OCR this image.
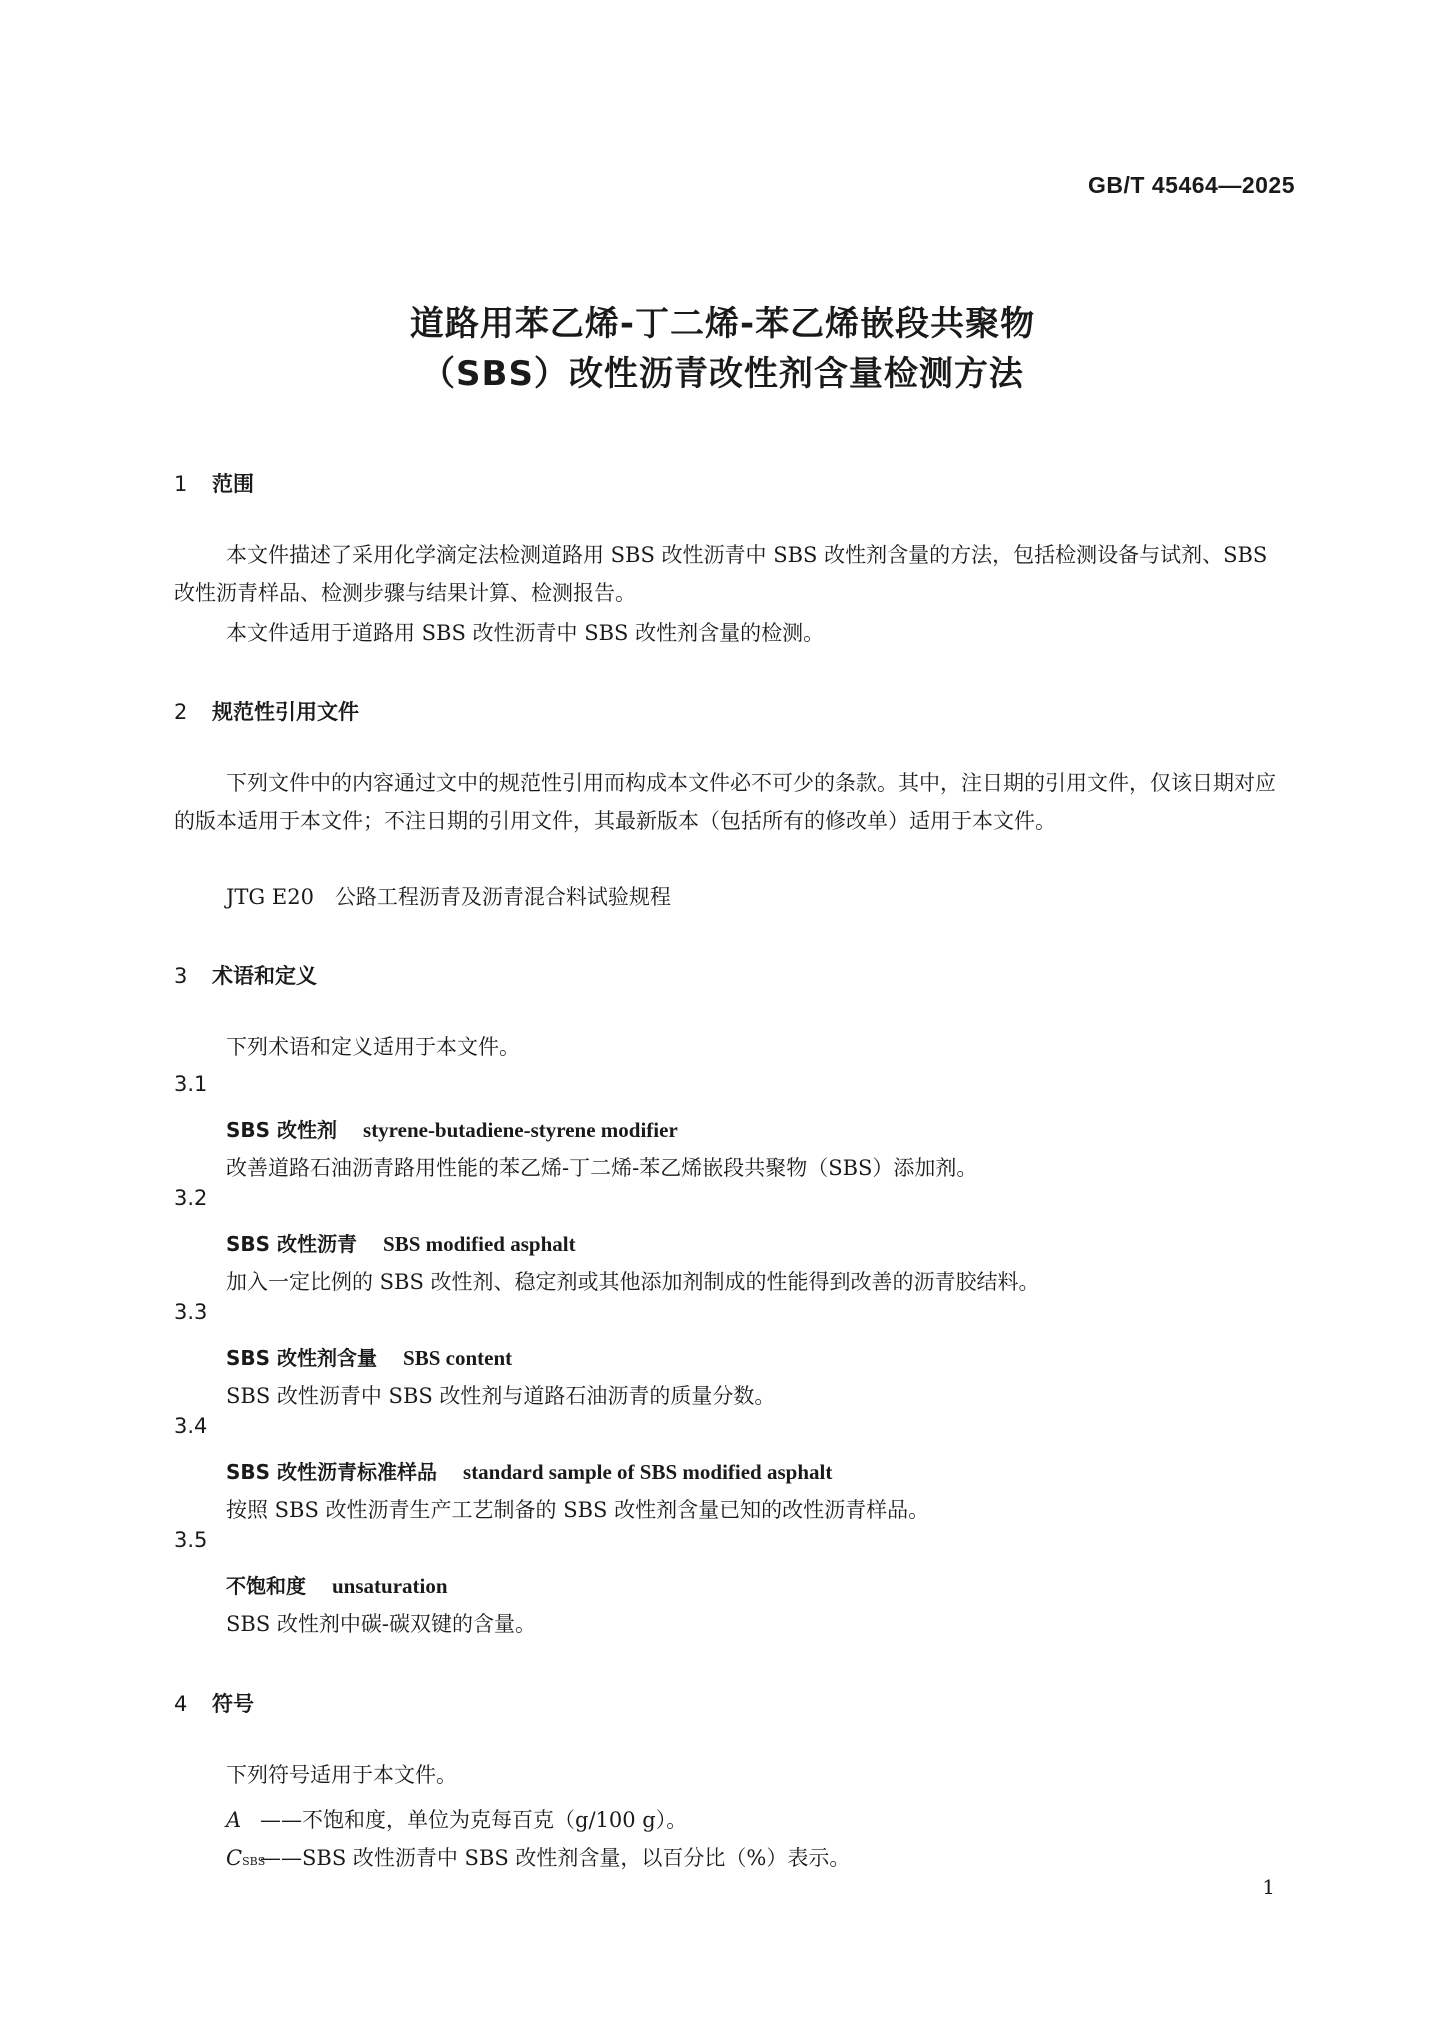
GB/T 45464—2025
道路用苯乙烯-丁二烯-苯乙烯嵌段共聚物
（SBS）改性沥青改性剂含量检测方法
1 范围
本文件描述了采用化学滴定法检测道路用 SBS 改性沥青中 SBS 改性剂含量的方法，包括检测设备与试剂、SBS 改性沥青样品、检测步骤与结果计算、检测报告。
本文件适用于道路用 SBS 改性沥青中 SBS 改性剂含量的检测。
2 规范性引用文件
下列文件中的内容通过文中的规范性引用而构成本文件必不可少的条款。其中，注日期的引用文件，仅该日期对应的版本适用于本文件；不注日期的引用文件，其最新版本（包括所有的修改单）适用于本文件。
JTG E20　公路工程沥青及沥青混合料试验规程
3 术语和定义
下列术语和定义适用于本文件。
3.1
SBS 改性剂 styrene-butadiene-styrene modifier
改善道路石油沥青路用性能的苯乙烯-丁二烯-苯乙烯嵌段共聚物（SBS）添加剂。
3.2
SBS 改性沥青 SBS modified asphalt
加入一定比例的 SBS 改性剂、稳定剂或其他添加剂制成的性能得到改善的沥青胶结料。
3.3
SBS 改性剂含量 SBS content
SBS 改性沥青中 SBS 改性剂与道路石油沥青的质量分数。
3.4
SBS 改性沥青标准样品 standard sample of SBS modified asphalt
按照 SBS 改性沥青生产工艺制备的 SBS 改性剂含量已知的改性沥青样品。
3.5
不饱和度 unsaturation
SBS 改性剂中碳-碳双键的含量。
4 符号
下列符号适用于本文件。
A ——不饱和度，单位为克每百克（g/100 g）。
CSBS——SBS 改性沥青中 SBS 改性剂含量，以百分比（%）表示。
1
